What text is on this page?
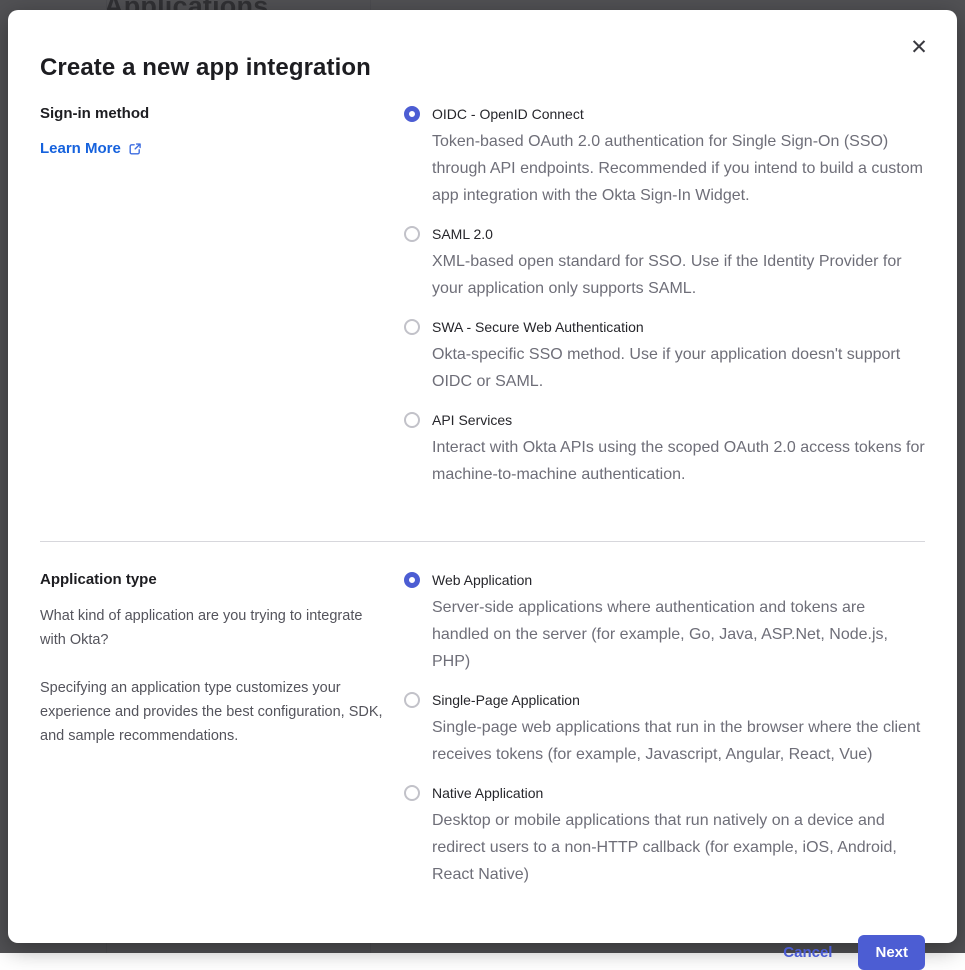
✕
Create a new app integration
Sign-in method
Learn More
OIDC - OpenID Connect
Token-based OAuth 2.0 authentication for Single Sign-On (SSO) through API endpoints. Recommended if you intend to build a custom app integration with the Okta Sign-In Widget.
SAML 2.0
XML-based open standard for SSO. Use if the Identity Provider for your application only supports SAML.
SWA - Secure Web Authentication
Okta-specific SSO method. Use if your application doesn't support OIDC or SAML.
API Services
Interact with Okta APIs using the scoped OAuth 2.0 access tokens for machine-to-machine authentication.
Application type

What kind of application are you trying to integrate with Okta?

Specifying an application type customizes your experience and provides the best configuration, SDK, and sample recommendations.

Web Application
Server-side applications where authentication and tokens are handled on the server (for example, Go, Java, ASP.Net, Node.js, PHP)
Single-Page Application
Single-page web applications that run in the browser where the client receives tokens (for example, Javascript, Angular, React, Vue)
Native Application
Desktop or mobile applications that run natively on a device and redirect users to a non-HTTP callback (for example, iOS, Android, React Native)
Cancel	Next
